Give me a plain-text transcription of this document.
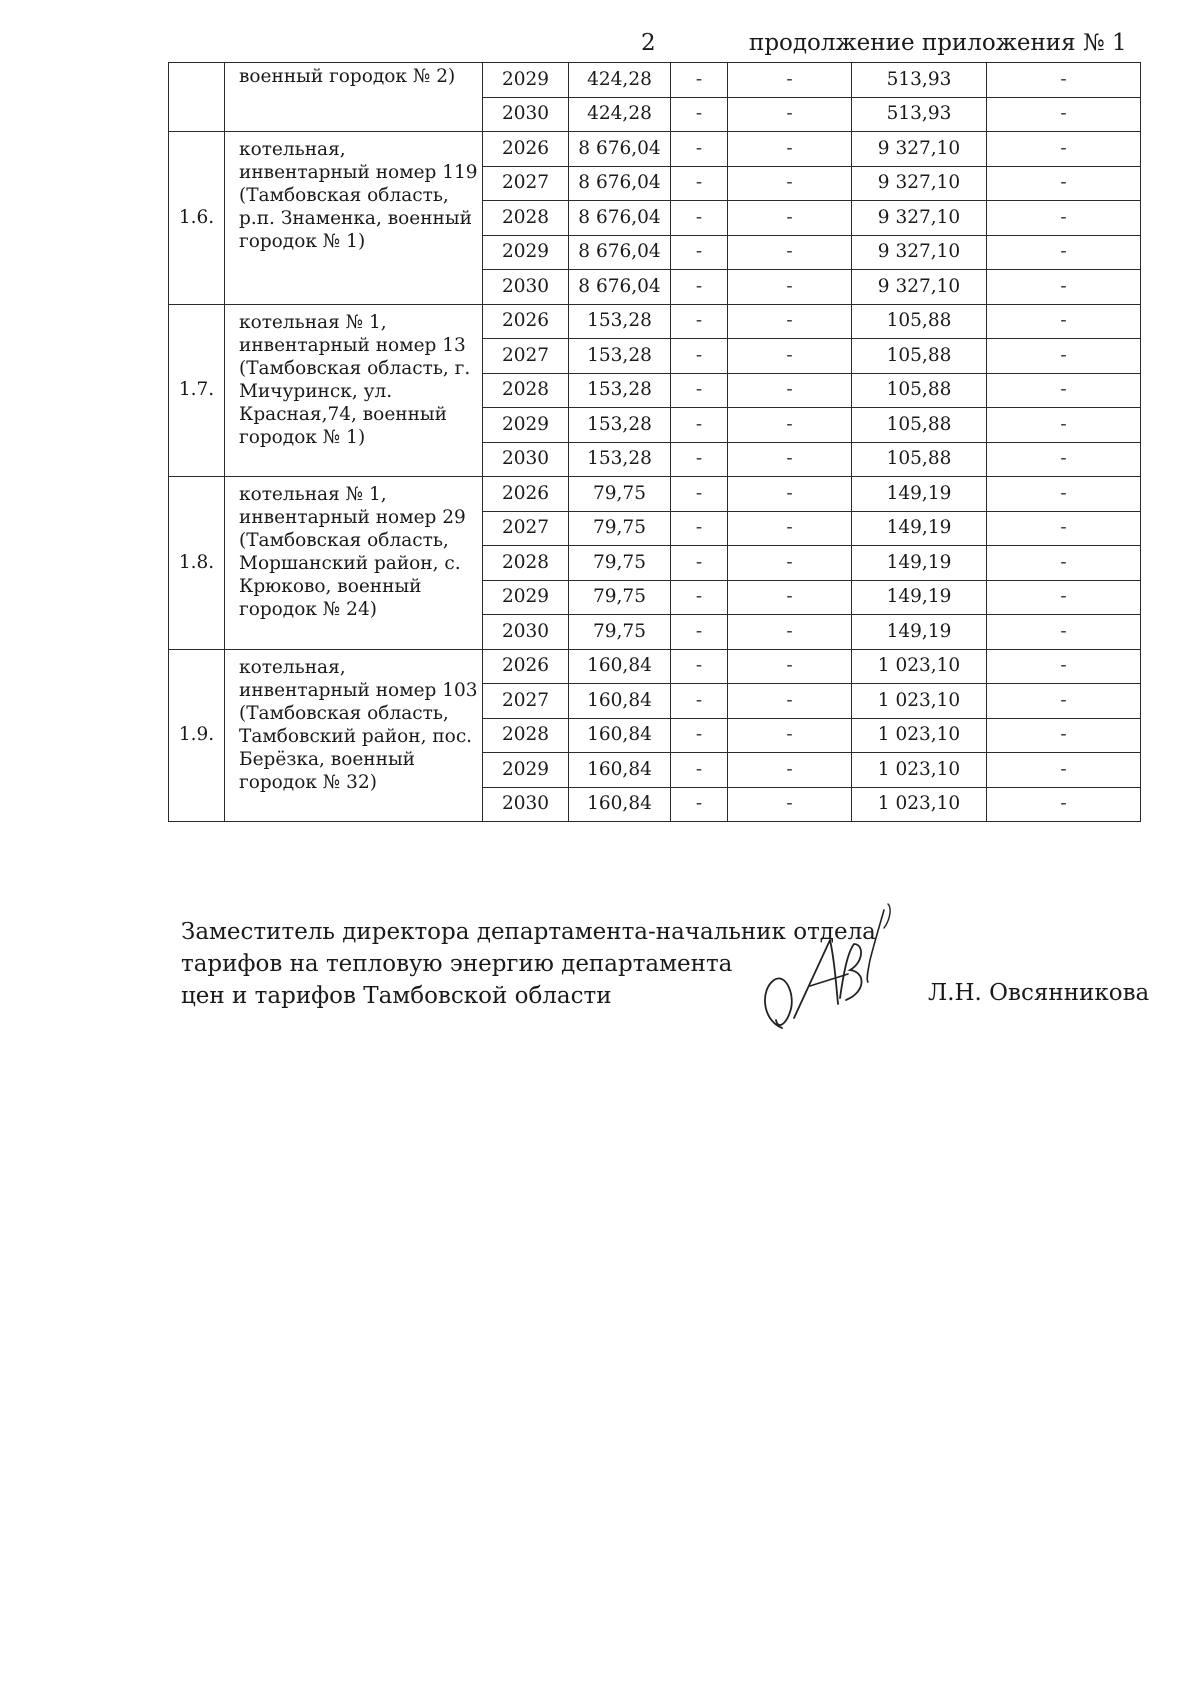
2	продолжение приложения № 1
	военный городок № 2)	2029	424,28	-	-	513,93	-
		2030	424,28	-	-	513,93	-
1.6.	котельная, инвентарный номер 119 (Тамбовская область, р.п. Знаменка, военный городок № 1)	2026	8 676,04	-	-	9 327,10	-
		2027	8 676,04	-	-	9 327,10	-
		2028	8 676,04	-	-	9 327,10	-
		2029	8 676,04	-	-	9 327,10	-
		2030	8 676,04	-	-	9 327,10	-
1.7.	котельная № 1, инвентарный номер 13 (Тамбовская область, г. Мичуринск, ул. Красная,74, военный городок № 1)	2026	153,28	-	-	105,88	-
		2027	153,28	-	-	105,88	-
		2028	153,28	-	-	105,88	-
		2029	153,28	-	-	105,88	-
		2030	153,28	-	-	105,88	-
1.8.	котельная № 1, инвентарный номер 29 (Тамбовская область, Моршанский район, с. Крюково, военный городок № 24)	2026	79,75	-	-	149,19	-
		2027	79,75	-	-	149,19	-
		2028	79,75	-	-	149,19	-
		2029	79,75	-	-	149,19	-
		2030	79,75	-	-	149,19	-
1.9.	котельная, инвентарный номер 103 (Тамбовская область, Тамбовский район, пос. Берёзка, военный городок № 32)	2026	160,84	-	-	1 023,10	-
		2027	160,84	-	-	1 023,10	-
		2028	160,84	-	-	1 023,10	-
		2029	160,84	-	-	1 023,10	-
		2030	160,84	-	-	1 023,10	-
Заместитель директора департамента-начальник отдела
тарифов на тепловую энергию департамента
цен и тарифов Тамбовской области	Л.Н. Овсянникова
